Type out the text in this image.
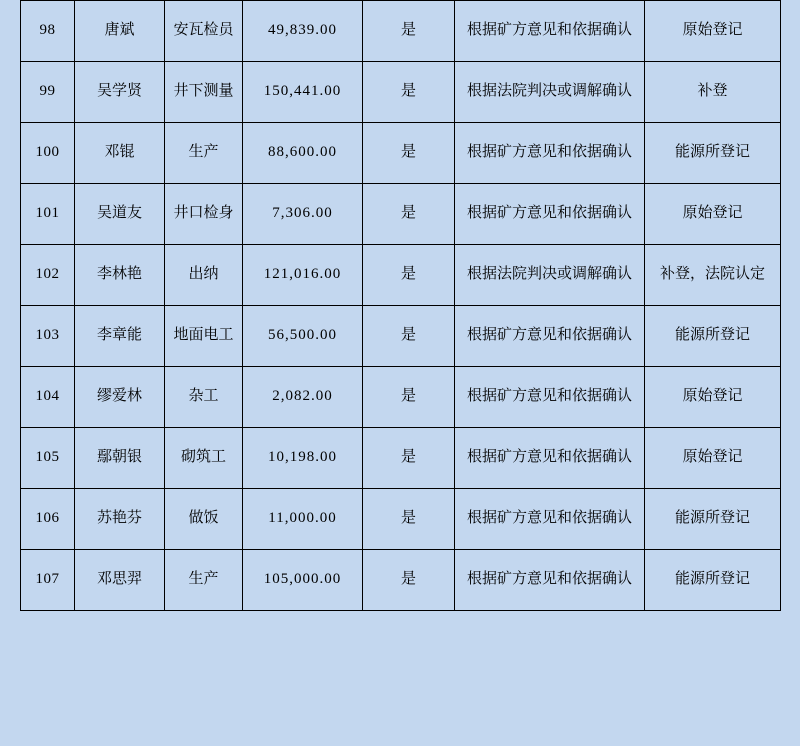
98	唐斌	安瓦检员	49,839.00	是	根据矿方意见和依据确认	原始登记
99	吴学贤	井下测量	150,441.00	是	根据法院判决或调解确认	补登
100	邓锟	生产	88,600.00	是	根据矿方意见和依据确认	能源所登记
101	吴道友	井口检身	7,306.00	是	根据矿方意见和依据确认	原始登记
102	李林艳	出纳	121,016.00	是	根据法院判决或调解确认	补登，法院认定
103	李章能	地面电工	56,500.00	是	根据矿方意见和依据确认	能源所登记
104	缪爱林	杂工	2,082.00	是	根据矿方意见和依据确认	原始登记
105	鄢朝银	砌筑工	10,198.00	是	根据矿方意见和依据确认	原始登记
106	苏艳芬	做饭	11,000.00	是	根据矿方意见和依据确认	能源所登记
107	邓思羿	生产	105,000.00	是	根据矿方意见和依据确认	能源所登记
